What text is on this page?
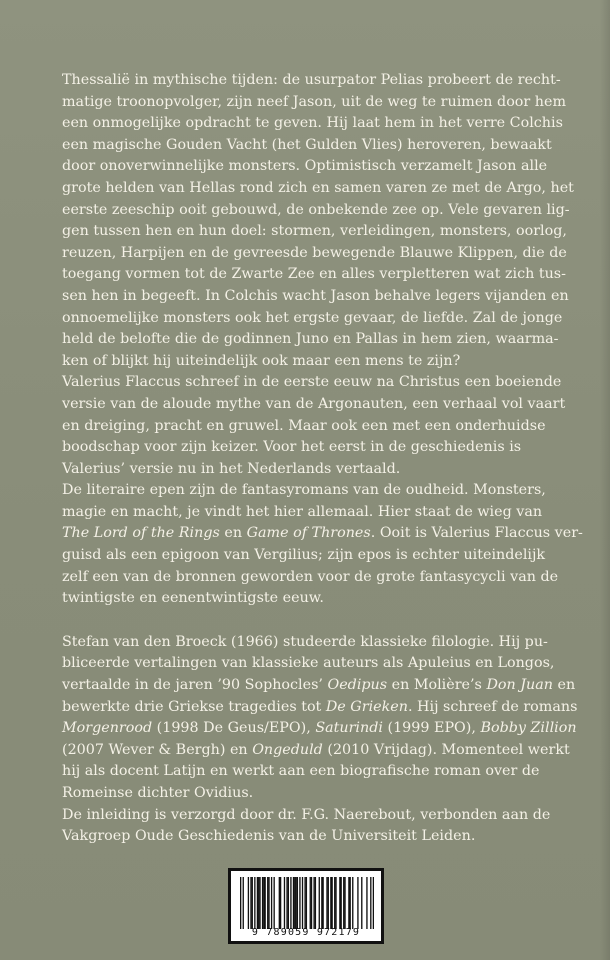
Thessalië in mythische tijden: de usurpator Pelias probeert de recht-
matige troonopvolger, zijn neef Jason, uit de weg te ruimen door hem
een onmogelijke opdracht te geven. Hij laat hem in het verre Colchis
een magische Gouden Vacht (het Gulden Vlies) heroveren, bewaakt
door onoverwinnelijke monsters. Optimistisch verzamelt Jason alle
grote helden van Hellas rond zich en samen varen ze met de Argo, het
eerste zeeschip ooit gebouwd, de onbekende zee op. Vele gevaren lig-
gen tussen hen en hun doel: stormen, verleidingen, monsters, oorlog,
reuzen, Harpijen en de gevreesde bewegende Blauwe Klippen, die de
toegang vormen tot de Zwarte Zee en alles verpletteren wat zich tus-
sen hen in begeeft. In Colchis wacht Jason behalve legers vijanden en
onnoemelijke monsters ook het ergste gevaar, de liefde. Zal de jonge
held de belofte die de godinnen Juno en Pallas in hem zien, waarma-
ken of blijkt hij uiteindelijk ook maar een mens te zijn?

Valerius Flaccus schreef in de eerste eeuw na Christus een boeiende
versie van de aloude mythe van de Argonauten, een verhaal vol vaart
en dreiging, pracht en gruwel. Maar ook een met een onderhuidse
boodschap voor zijn keizer. Voor het eerst in de geschiedenis is
Valerius’ versie nu in het Nederlands vertaald.

De literaire epen zijn de fantasyromans van de oudheid. Monsters,
magie en macht, je vindt het hier allemaal. Hier staat de wieg van
The Lord of the Rings en Game of Thrones. Ooit is Valerius Flaccus ver-
guisd als een epigoon van Vergilius; zijn epos is echter uiteindelijk
zelf een van de bronnen geworden voor de grote fantasycycli van de
twintigste en eenentwintigste eeuw.

Stefan van den Broeck (1966) studeerde klassieke filologie. Hij pu-
bliceerde vertalingen van klassieke auteurs als Apuleius en Longos,
vertaalde in de jaren ’90 Sophocles’ Oedipus en Molière’s Don Juan en
bewerkte drie Griekse tragedies tot De Grieken. Hij schreef de romans
Morgenrood (1998 De Geus/EPO), Saturindi (1999 EPO), Bobby Zillion
(2007 Wever & Bergh) en Ongeduld (2010 Vrijdag). Momenteel werkt
hij als docent Latijn en werkt aan een biografische roman over de
Romeinse dichter Ovidius.

De inleiding is verzorgd door dr. F.G. Naerebout, verbonden aan de
Vakgroep Oude Geschiedenis van de Universiteit Leiden.

9 789059 972179
